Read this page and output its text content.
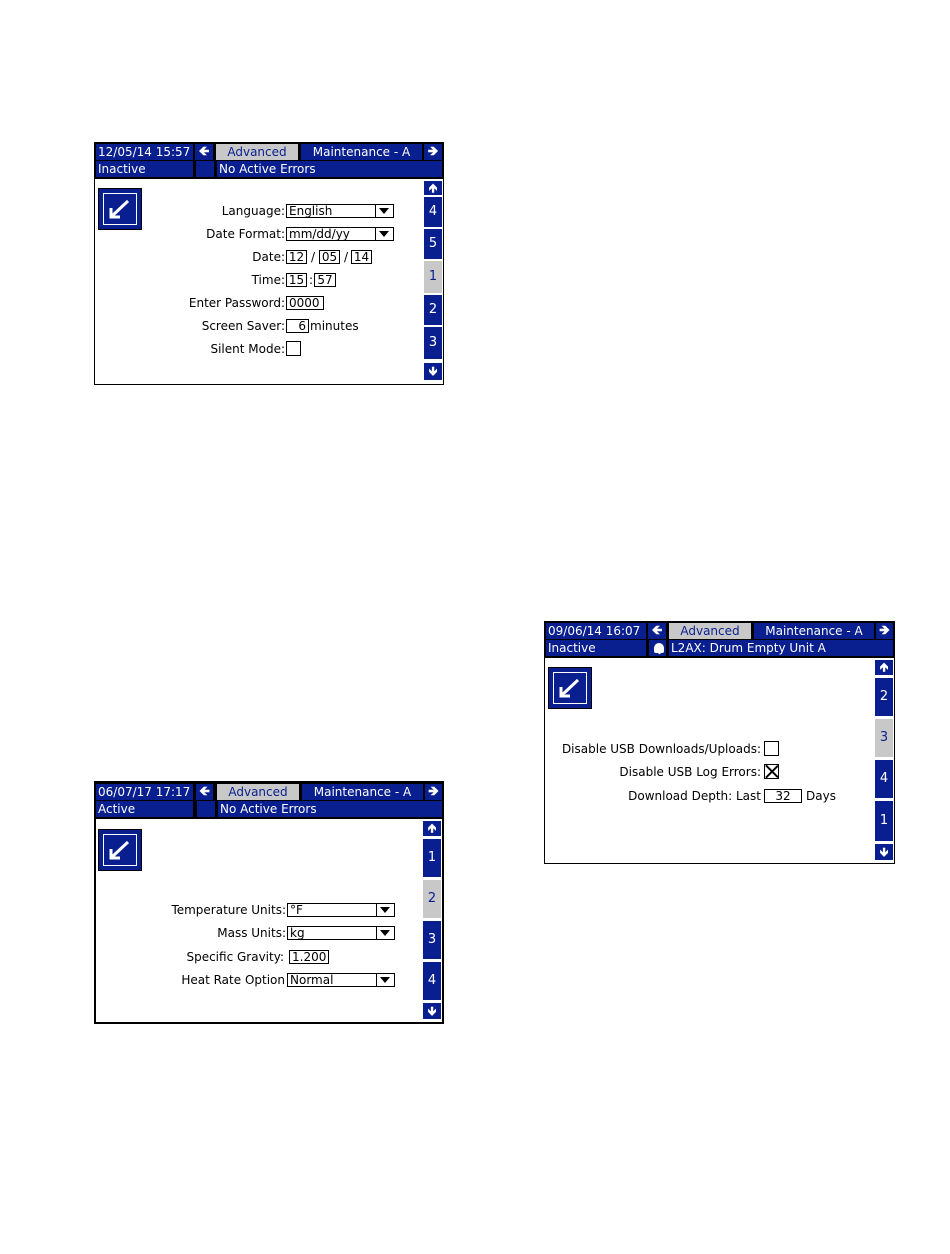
12/05/14 15:57 🡸	Advanced	Maintenance - A	🡺
Inactive	No Active Errors
Language: English
Date Format: mm/dd/yy
Date: 12 / 05 / 14
Time: 15 : 57
Enter Password: 0000
Screen Saver:	6 minutes
Silent Mode:
🡹
4
5
1
2
3
🡻
09/06/14 16:07 🡸	Advanced	Maintenance - A	🡺
Inactive	L2AX: Drum Empty Unit A
Disable USB Downloads/Uploads:
Disable USB Log Errors:
Download Depth: Last	32	Days
🡹
2
3
4
1
🡻
06/07/17 17:17 🡸	Advanced	Maintenance - A	🡺
Active	No Active Errors
Temperature Units: °F
Mass Units: kg
Specific Gravity: 1.200
Heat Rate Option Normal
🡹
1
2
3
4
🡻
